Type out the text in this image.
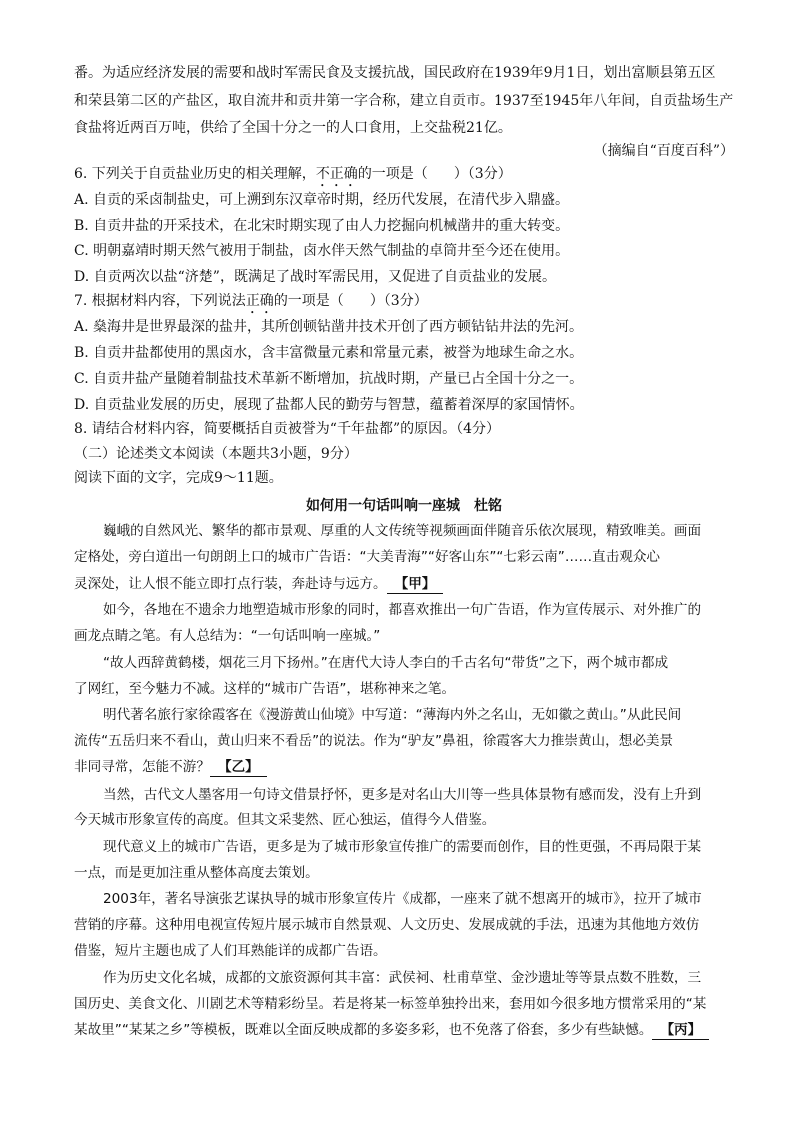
番。为适应经济发展的需要和战时军需民食及支援抗战，国民政府在1939年9月1日，划出富顺县第五区
和荣县第二区的产盐区，取自流井和贡井第一字合称，建立自贡市。1937至1945年八年间，自贡盐场生产
食盐将近两百万吨，供给了全国十分之一的人口食用，上交盐税21亿。
（摘编自“百度百科”）
6. 下列关于自贡盐业历史的相关理解，不正确的一项是（ ）（3分）
A. 自贡的采卤制盐史，可上溯到东汉章帝时期，经历代发展，在清代步入鼎盛。
B. 自贡井盐的开采技术，在北宋时期实现了由人力挖掘向机械凿井的重大转变。
C. 明朝嘉靖时期天然气被用于制盐，卤水伴天然气制盐的卓筒井至今还在使用。
D. 自贡两次以盐“济楚”，既满足了战时军需民用，又促进了自贡盐业的发展。
7. 根据材料内容，下列说法正确的一项是（ ）（3分）
A. 燊海井是世界最深的盐井，其所创顿钻凿井技术开创了西方顿钻钻井法的先河。
B. 自贡井盐都使用的黑卤水，含丰富微量元素和常量元素，被誉为地球生命之水。
C. 自贡井盐产量随着制盐技术革新不断增加，抗战时期，产量已占全国十分之一。
D. 自贡盐业发展的历史，展现了盐都人民的勤劳与智慧，蕴蓄着深厚的家国情怀。
8. 请结合材料内容，简要概括自贡被誉为“千年盐都”的原因。（4分）
（二）论述类文本阅读（本题共3小题，9分）
阅读下面的文字，完成9～11题。
如何用一句话叫响一座城　杜铭
巍峨的自然风光、繁华的都市景观、厚重的人文传统等视频画面伴随音乐依次展现，精致唯美。画面
定格处，旁白道出一句朗朗上口的城市广告语：“大美青海”“好客山东”“七彩云南”……直击观众心
灵深处，让人恨不能立即打点行装，奔赴诗与远方。 【甲】
如今，各地在不遗余力地塑造城市形象的同时，都喜欢推出一句广告语，作为宣传展示、对外推广的
画龙点睛之笔。有人总结为：“一句话叫响一座城。”
“故人西辞黄鹤楼，烟花三月下扬州。”在唐代大诗人李白的千古名句“带货”之下，两个城市都成
了网红，至今魅力不减。这样的“城市广告语”，堪称神来之笔。
明代著名旅行家徐霞客在《漫游黄山仙境》中写道：“薄海内外之名山，无如徽之黄山。”从此民间
流传“五岳归来不看山，黄山归来不看岳”的说法。作为“驴友”鼻祖，徐霞客大力推崇黄山，想必美景
非同寻常，怎能不游？ 【乙】
当然，古代文人墨客用一句诗文借景抒怀，更多是对名山大川等一些具体景物有感而发，没有上升到
今天城市形象宣传的高度。但其文采斐然、匠心独运，值得今人借鉴。
现代意义上的城市广告语，更多是为了城市形象宣传推广的需要而创作，目的性更强，不再局限于某
一点，而是更加注重从整体高度去策划。
2003年，著名导演张艺谋执导的城市形象宣传片《成都，一座来了就不想离开的城市》，拉开了城市
营销的序幕。这种用电视宣传短片展示城市自然景观、人文历史、发展成就的手法，迅速为其他地方效仿
借鉴，短片主题也成了人们耳熟能详的成都广告语。
作为历史文化名城，成都的文旅资源何其丰富：武侯祠、杜甫草堂、金沙遗址等等景点数不胜数，三
国历史、美食文化、川剧艺术等精彩纷呈。若是将某一标签单独拎出来，套用如今很多地方惯常采用的“某
某故里”“某某之乡”等模板，既难以全面反映成都的多姿多彩，也不免落了俗套，多少有些缺憾。 【丙】
